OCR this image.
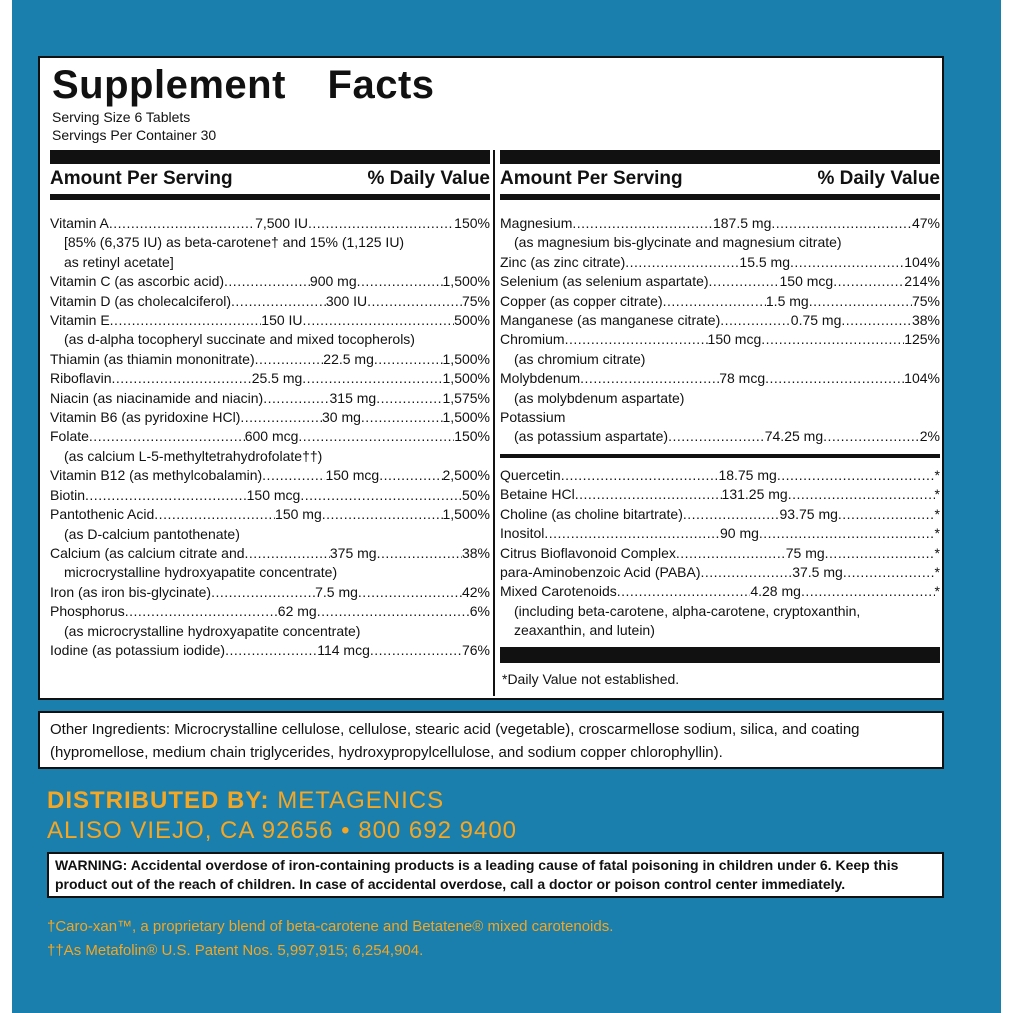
Supplement Facts
Serving Size 6 Tablets
Servings Per Container 30
Amount Per Serving	% Daily Value
Vitamin A .....	7,500 IU .....	150%
[85% (6,375 IU) as beta-carotene† and 15% (1,125 IU)
as retinyl acetate]
Vitamin C (as ascorbic acid) .....	900 mg .....	1,500%
Vitamin D (as cholecalciferol) .....	300 IU .....	75%
Vitamin E .....	150 IU .....	500%
(as d-alpha tocopheryl succinate and mixed tocopherols)
Thiamin (as thiamin mononitrate) .....	22.5 mg .....	1,500%
Riboflavin .....	25.5 mg .....	1,500%
Niacin (as niacinamide and niacin) .....	315 mg .....	1,575%
Vitamin B6 (as pyridoxine HCl) .....	30 mg .....	1,500%
Folate .....	600 mcg .....	150%
(as calcium L-5-methyltetrahydrofolate††)
Vitamin B12 (as methylcobalamin) .....	150 mcg .....	2,500%
Biotin .....	150 mcg .....	50%
Pantothenic Acid .....	150 mg .....	1,500%
(as D-calcium pantothenate)
Calcium (as calcium citrate and .....	375 mg .....	38%
microcrystalline hydroxyapatite concentrate)
Iron (as iron bis-glycinate) .....	7.5 mg .....	42%
Phosphorus .....	62 mg .....	6%
(as microcrystalline hydroxyapatite concentrate)
Iodine (as potassium iodide) .....	114 mcg .....	76%
Amount Per Serving	% Daily Value
Magnesium .....	187.5 mg .....	47%
(as magnesium bis-glycinate and magnesium citrate)
Zinc (as zinc citrate) .....	15.5 mg .....	104%
Selenium (as selenium aspartate) .....	150 mcg .....	214%
Copper (as copper citrate) .....	1.5 mg .....	75%
Manganese (as manganese citrate) .....	0.75 mg .....	38%
Chromium .....	150 mcg .....	125%
(as chromium citrate)
Molybdenum .....	78 mcg .....	104%
(as molybdenum aspartate)
Potassium
(as potassium aspartate) .....	74.25 mg .....	2%
Quercetin .....	18.75 mg .....	*
Betaine HCl .....	131.25 mg .....	*
Choline (as choline bitartrate) .....	93.75 mg .....	*
Inositol .....	90 mg .....	*
Citrus Bioflavonoid Complex .....	75 mg .....	*
para-Aminobenzoic Acid (PABA) .....	37.5 mg .....	*
Mixed Carotenoids .....	4.28 mg .....	*
(including beta-carotene, alpha-carotene, cryptoxanthin,
zeaxanthin, and lutein)
*Daily Value not established.
Other Ingredients: Microcrystalline cellulose, cellulose, stearic acid (vegetable), croscarmellose sodium, silica, and coating (hypromellose, medium chain triglycerides, hydroxypropylcellulose, and sodium copper chlorophyllin).
DISTRIBUTED BY: METAGENICS
ALISO VIEJO, CA 92656 • 800 692 9400
WARNING: Accidental overdose of iron-containing products is a leading cause of fatal poisoning in children under 6. Keep this product out of the reach of children. In case of accidental overdose, call a doctor or poison control center immediately.
†Caro-xan™, a proprietary blend of beta-carotene and Betatene® mixed carotenoids.
††As Metafolin® U.S. Patent Nos. 5,997,915; 6,254,904.
